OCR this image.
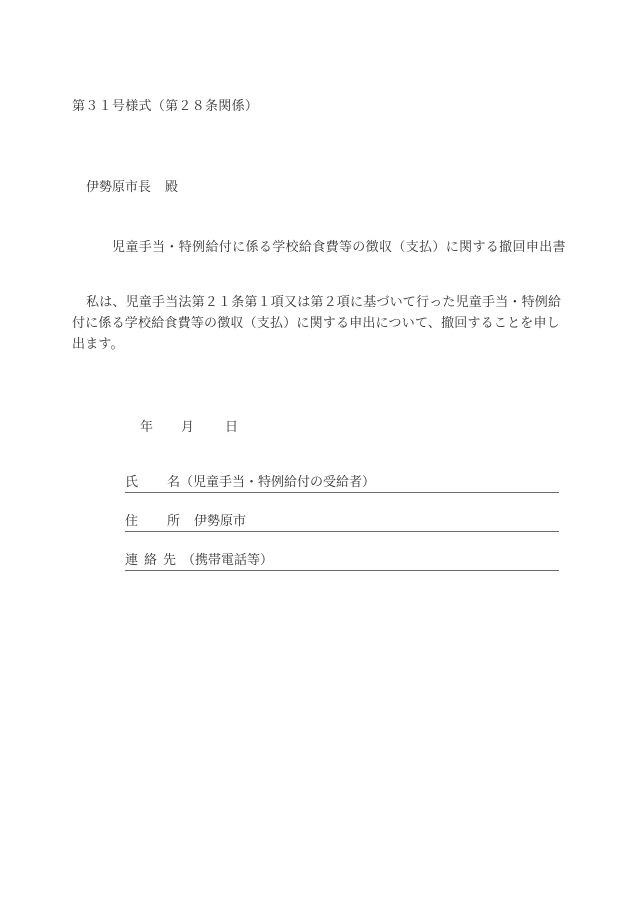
第３１号様式（第２８条関係）
伊勢原市長 殿
児童手当・特例給付に係る学校給食費等の徴収（支払）に関する撤回申出書
私は、児童手当法第２１条第１項又は第２項に基づいて行った児童手当・特例給
付に係る学校給食費等の徴収（支払）に関する申出について、撤回することを申し
出ます。
年 月 日
氏 名（児童手当・特例給付の受給者）
住 所 伊勢原市
連絡先（携帯電話等）
